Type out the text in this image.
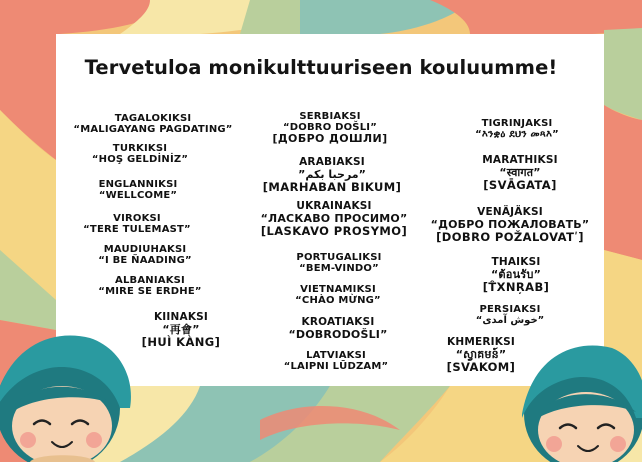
Tervetuloa monikulttuuriseen kouluumme!
TAGALOKIKSI
“MALIGAYANG PAGDATING”
TURKIKSI
“HOŞ GELDİNİZ”
ENGLANNIKSI
“WELLCOME”
VIROKSI
“TERE TULEMAST”
MAUDIUHAKSI
“I BE ÑAADING”
ALBANIAKSI
“MIRE SE ERDHE”
KIINAKSI
“再會”
[HUÌ KÀNG]
SERBIAKSI
“DOBRO DOŠLI”
[ДОБРО ДОШЛИ]
ARABIAKSI
”مرحبا بكم”
[MARHABAN BIKUM]
UKRAINAKSI
“ЛАСКАВО ПРОСИМО”
[LASKAVO PROSYMO]
PORTUGALIKSI
“BEM-VINDO”
VIETNAMIKSI
“CHÀO MỪNG”
KROATIAKSI
“DOBRODOŠLI”
LATVIAKSI
“LAIPNI LŪDZAM”
TIGRINJAKSI
“እንቋዕ ደህን መጻእ”
MARATHIKSI
“स्वागत”
[SVĀGATA]
VENÄJÄKSI
“ДОБРО ПОЖАЛОВАТЬ”
[DOBRO POŽALOVATʹ]
THAIKSI
“ต้อนรับ”
[T̂XNR̦AB]
PERSIAKSI
“خوش آمدی”
KHMERIKSI
“ស្វាគមន៍”
[SVAKOM]
